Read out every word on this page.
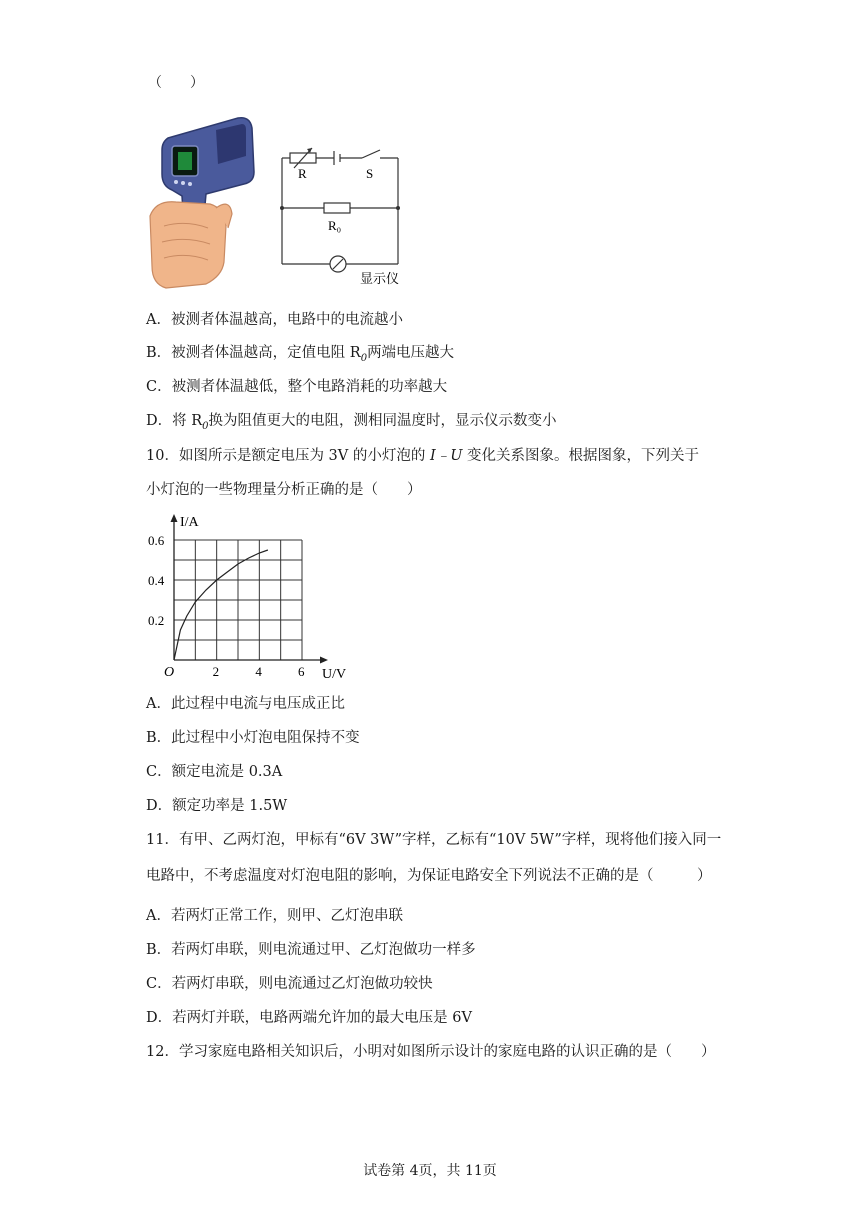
（　　）
R	S
R₀
显示仪
A．被测者体温越高，电路中的电流越小
B．被测者体温越高，定值电阻 $R_0$两端电压越大
C．被测者体温越低，整个电路消耗的功率越大
D．将 $R_0$换为阻值更大的电阻，测相同温度时，显示仪示数变小
10．如图所示是额定电压为 3V 的小灯泡的 I﹣U 变化关系图象。根据图象，下列关于
小灯泡的一些物理量分析正确的是（　　）
U/V
I/A
O	2	4	6
0.2
0.4
0.6
A．此过程中电流与电压成正比
B．此过程中小灯泡电阻保持不变
C．额定电流是 0.3A
D．额定功率是 1.5W
11．有甲、乙两灯泡，甲标有“6V 3W”字样，乙标有“10V 5W”字样，现将他们接入同一
电路中，不考虑温度对灯泡电阻的影响，为保证电路安全下列说法不正确的是（　　　）
A．若两灯正常工作，则甲、乙灯泡串联
B．若两灯串联，则电流通过甲、乙灯泡做功一样多
C．若两灯串联，则电流通过乙灯泡做功较快
D．若两灯并联，电路两端允许加的最大电压是 6V
12．学习家庭电路相关知识后，小明对如图所示设计的家庭电路的认识正确的是（　　）
试卷第 4页，共 11页
